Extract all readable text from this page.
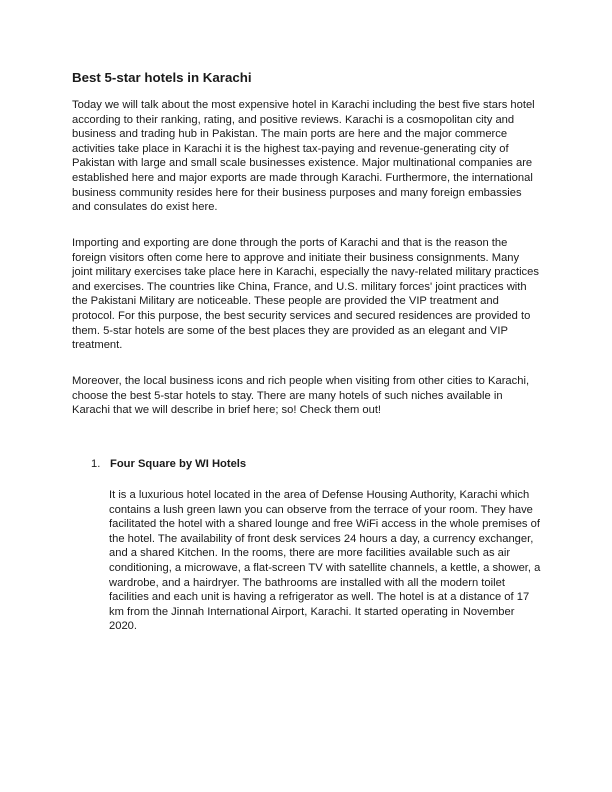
Best 5-star hotels in Karachi

Today we will talk about the most expensive hotel in Karachi including the best five stars hotel according to their ranking, rating, and positive reviews. Karachi is a cosmopolitan city and business and trading hub in Pakistan. The main ports are here and the major commerce activities take place in Karachi it is the highest tax-paying and revenue-generating city of Pakistan with large and small scale businesses existence. Major multinational companies are established here and major exports are made through Karachi. Furthermore, the international business community resides here for their business purposes and many foreign embassies and consulates do exist here.

Importing and exporting are done through the ports of Karachi and that is the reason the foreign visitors often come here to approve and initiate their business consignments. Many joint military exercises take place here in Karachi, especially the navy-related military practices and exercises. The countries like China, France, and U.S. military forces' joint practices with the Pakistani Military are noticeable. These people are provided the VIP treatment and protocol. For this purpose, the best security services and secured residences are provided to them. 5-star hotels are some of the best places they are provided as an elegant and VIP treatment.

Moreover, the local business icons and rich people when visiting from other cities to Karachi, choose the best 5-star hotels to stay. There are many hotels of such niches available in Karachi that we will describe in brief here; so! Check them out!

1. Four Square by WI Hotels

It is a luxurious hotel located in the area of Defense Housing Authority, Karachi which contains a lush green lawn you can observe from the terrace of your room. They have facilitated the hotel with a shared lounge and free WiFi access in the whole premises of the hotel. The availability of front desk services 24 hours a day, a currency exchanger, and a shared Kitchen. In the rooms, there are more facilities available such as air conditioning, a microwave, a flat-screen TV with satellite channels, a kettle, a shower, a wardrobe, and a hairdryer. The bathrooms are installed with all the modern toilet facilities and each unit is having a refrigerator as well. The hotel is at a distance of 17 km from the Jinnah International Airport, Karachi. It started operating in November 2020.
